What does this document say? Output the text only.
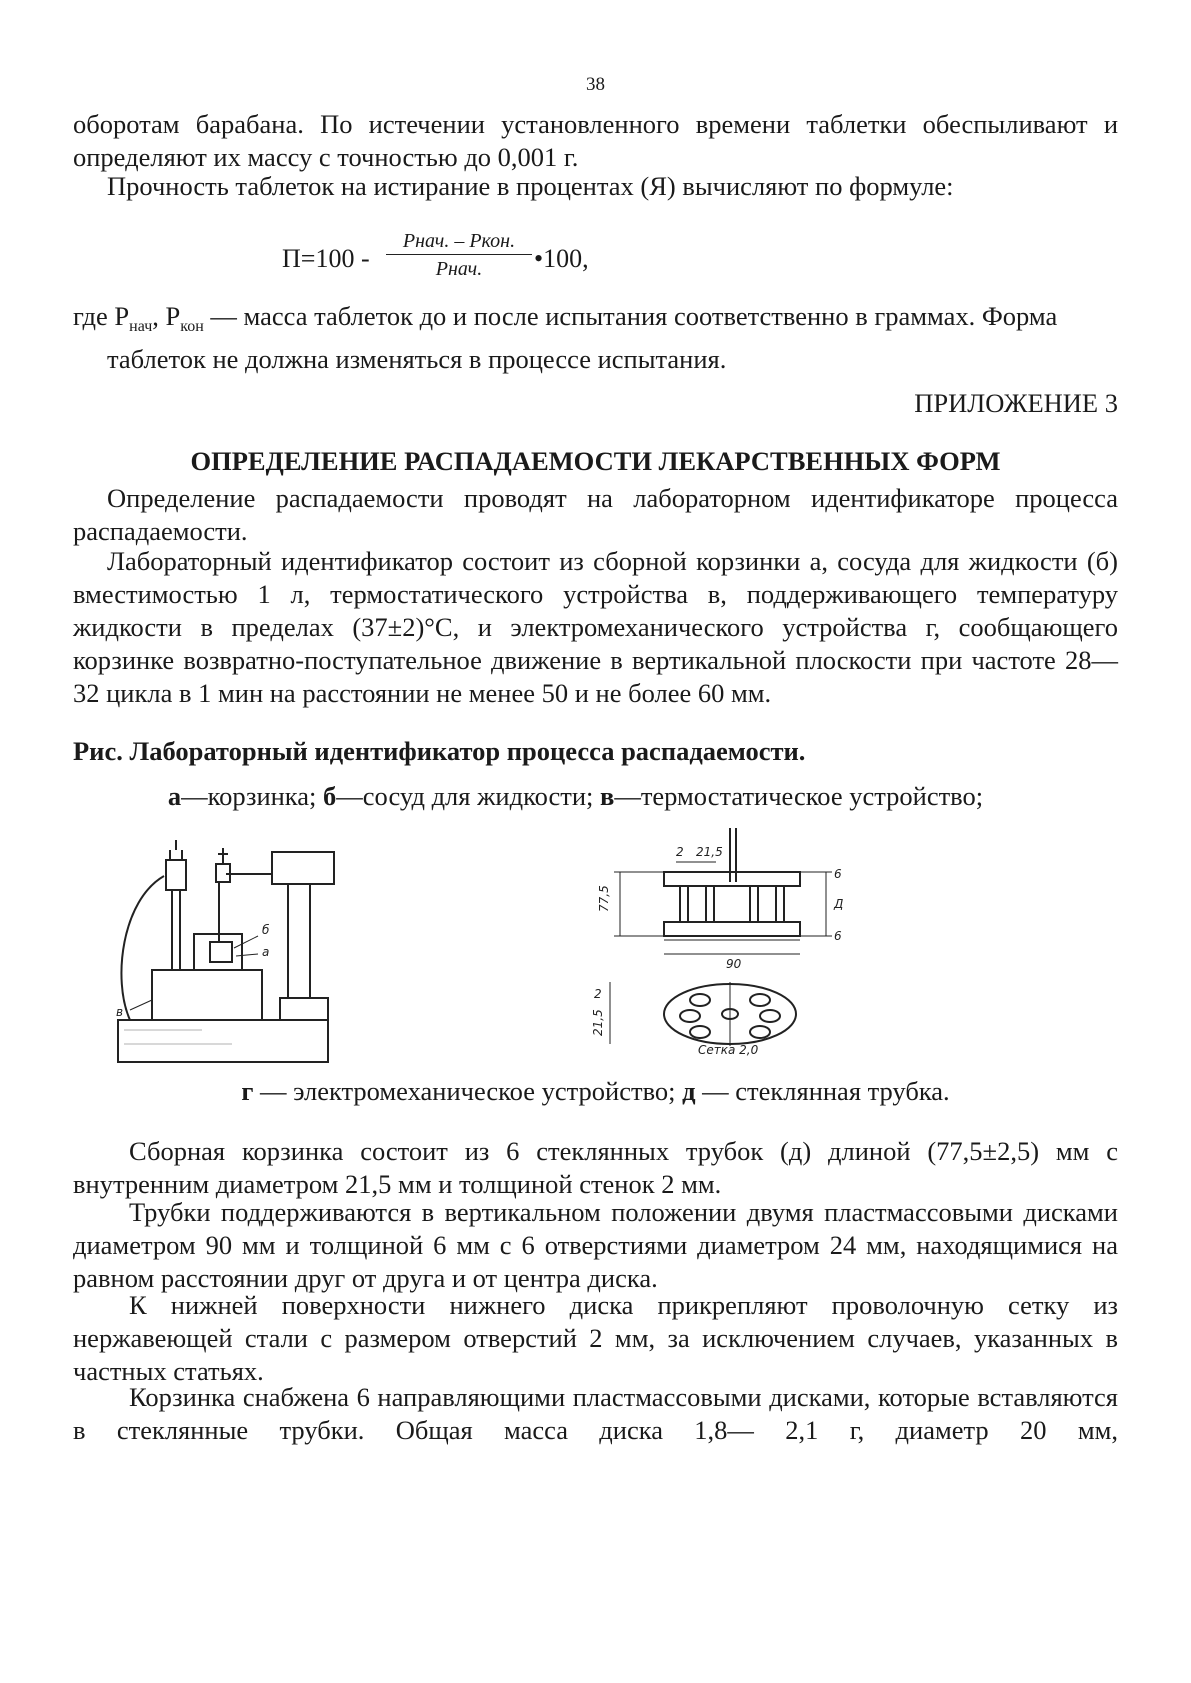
38
оборотам барабана. По истечении установленного времени таблетки обеспыливают и определяют их массу с точностью до 0,001 г.
Прочность таблеток на истирание в процентах (Я) вычисляют по формуле:
П=100 -
Рнач. – Ркон.
Рнач.	•100,
где $Р_{нач}$, $Р_{кон}$ — масса таблеток до и после испытания соответственно в граммах. Форма
таблеток не должна изменяться в процессе испытания.
ПРИЛОЖЕНИЕ 3
ОПРЕДЕЛЕНИЕ РАСПАДАЕМОСТИ ЛЕКАРСТВЕННЫХ ФОРМ
Определение распадаемости проводят на лабораторном идентификаторе процесса распадаемости.
Лабораторный идентификатор состоит из сборной корзинки а, сосуда для жидкости (б) вместимостью 1 л, термостатического устройства в, поддерживающего температуру жидкости в пределах (37±2)°С, и электромеханического устройства г, сообщающего корзинке возвратно-поступательное движение в вертикальной плоскости при частоте 28—32 цикла в 1 мин на расстоянии не менее 50 и не более 60 мм.
Рис. Лабораторный идентификатор процесса распадаемости.
а—корзинка; б—сосуд для жидкости; в—термостатическое устройство;
б
а
в
2 21,5
77,5
6
Д
6
90
2
21,5
Сетка 2,0
г — электромеханическое устройство; д — стеклянная трубка.
Сборная корзинка состоит из 6 стеклянных трубок (д) длиной (77,5±2,5) мм с внутренним диаметром 21,5 мм и толщиной стенок 2 мм.
Трубки поддерживаются в вертикальном положении двумя пластмассовыми дисками диаметром 90 мм и толщиной 6 мм с 6 отверстиями диаметром 24 мм, находящимися на равном расстоянии друг от друга и от центра диска.
К нижней поверхности нижнего диска прикрепляют проволочную сетку из нержавеющей стали с размером отверстий 2 мм, за исключением случаев, указанных в частных статьях.
Корзинка снабжена 6 направляющими пластмассовыми дисками, которые вставляются в стеклянные трубки. Общая масса диска 1,8— 2,1 г, диаметр 20 мм,
